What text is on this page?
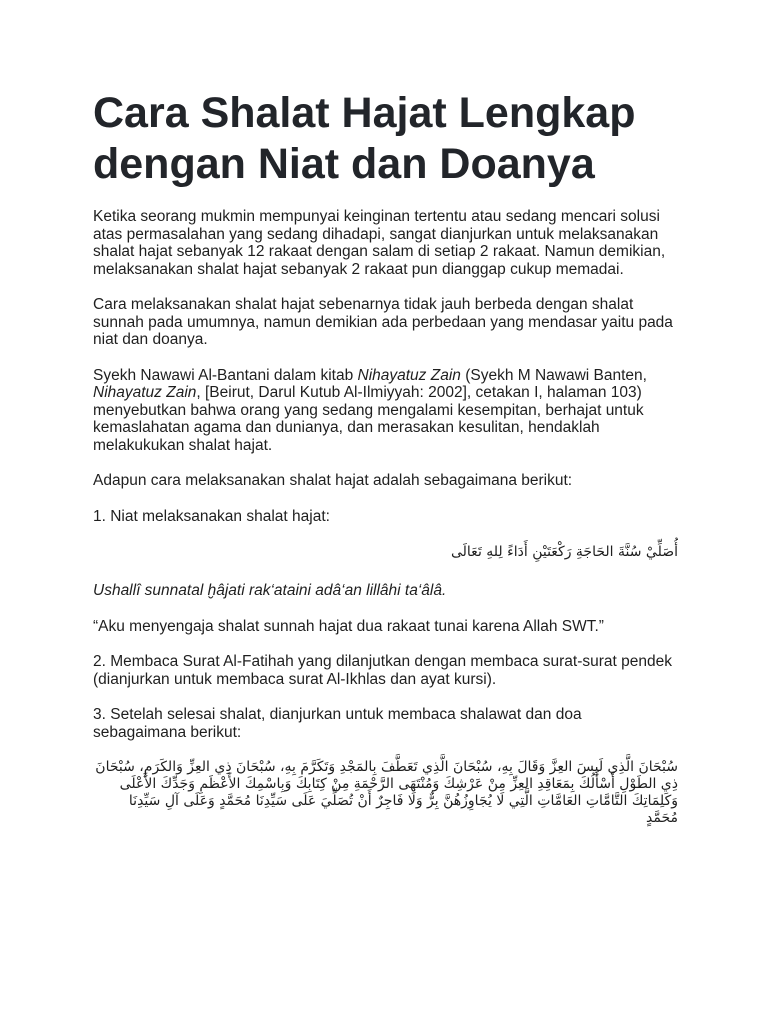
Cara Shalat Hajat Lengkap dengan Niat dan Doanya

Ketika seorang mukmin mempunyai keinginan tertentu atau sedang mencari solusi atas permasalahan yang sedang dihadapi, sangat dianjurkan untuk melaksanakan shalat hajat sebanyak 12 rakaat dengan salam di setiap 2 rakaat. Namun demikian, melaksanakan shalat hajat sebanyak 2 rakaat pun dianggap cukup memadai.

Cara melaksanakan shalat hajat sebenarnya tidak jauh berbeda dengan shalat sunnah pada umumnya, namun demikian ada perbedaan yang mendasar yaitu pada niat dan doanya.

Syekh Nawawi Al-Bantani dalam kitab Nihayatuz Zain (Syekh M Nawawi Banten, Nihayatuz Zain, [Beirut, Darul Kutub Al-Ilmiyyah: 2002], cetakan I, halaman 103) menyebutkan bahwa orang yang sedang mengalami kesempitan, berhajat untuk kemaslahatan agama dan dunianya, dan merasakan kesulitan, hendaklah melakukukan shalat hajat.

Adapun cara melaksanakan shalat hajat adalah sebagaimana berikut:

1. Niat melaksanakan shalat hajat:

أُصَلِّيْ سُنَّةَ الحَاجَةِ رَكْعَتَيْنِ أَدَاءً لِلهِ تَعَالَى

Ushallî sunnatal ḫâjati rak‘ataini adâ‘an lillâhi ta‘âlâ.

“Aku menyengaja shalat sunnah hajat dua rakaat tunai karena Allah SWT.”

2. Membaca Surat Al-Fatihah yang dilanjutkan dengan membaca surat-surat pendek (dianjurkan untuk membaca surat Al-Ikhlas dan ayat kursi).

3. Setelah selesai shalat, dianjurkan untuk membaca shalawat dan doa sebagaimana berikut:

سُبْحَانَ الَّذِي لَبِسَ العِزَّ وَقَالَ بِهِ، سُبْحَانَ الَّذِي تَعَطَّفَ بِالمَجْدِ وَتَكَرَّمَ بِهِ، سُبْحَانَ ذِي العِزِّ وَالكَرَمِ، سُبْحَانَ ذِي الطَوْلِ أَسْأَلُكَ بِمَعَاقِدِ العِزِّ مِنْ عَرْشِكَ وَمُنْتَهَى الرَّحْمَةِ مِنْ كِتَابِكَ وَبِاسْمِكَ الأَعْظَمِ وَجَدِّكَ الأَعْلَى وَكَلِمَاتِكَ التَّامَّاتِ العَامَّاتِ الَّتِي لَا يُجَاوِزُهُنَّ بِرٌّ وَلَا فَاجِرٌ أَنْ تُصَلِّيَ عَلَى سَيِّدِنَا مُحَمَّدٍ وَعَلَى آلِ سَيِّدِنَا مُحَمَّدٍ
